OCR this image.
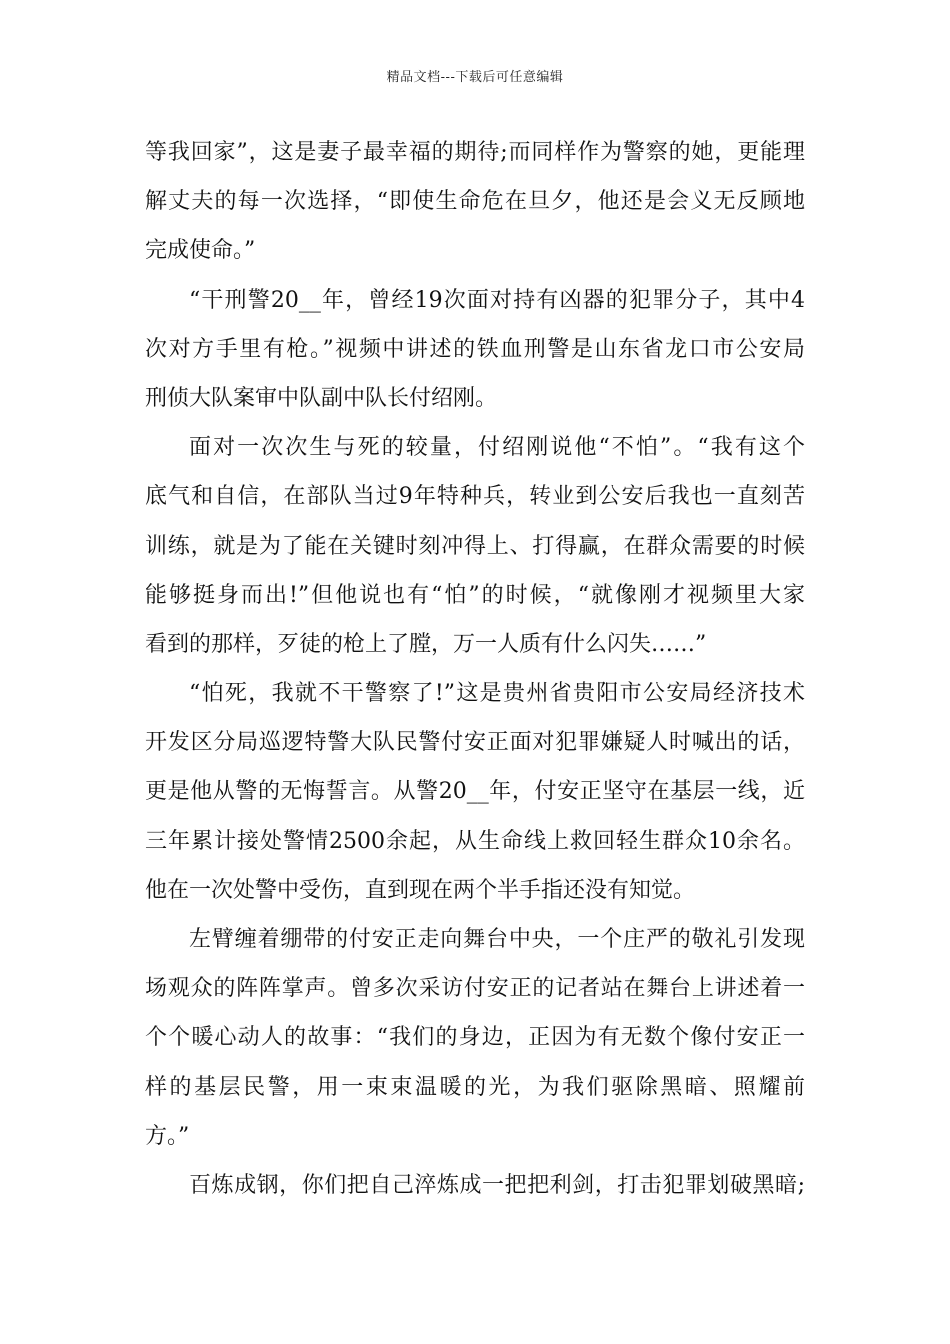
精品文档---下载后可任意编辑
等我回家”，这是妻子最幸福的期待;而同样作为警察的她，更能理
解丈夫的每一次选择，“即使生命危在旦夕，他还是会义无反顾地
完成使命。”
“干刑警20__年，曾经19次面对持有凶器的犯罪分子，其中4
次对方手里有枪。”视频中讲述的铁血刑警是山东省龙口市公安局
刑侦大队案审中队副中队长付绍刚。
面对一次次生与死的较量，付绍刚说他“不怕”。“我有这个
底气和自信，在部队当过9年特种兵，转业到公安后我也一直刻苦
训练，就是为了能在关键时刻冲得上、打得赢，在群众需要的时候
能够挺身而出!”但他说也有“怕”的时候，“就像刚才视频里大家
看到的那样，歹徒的枪上了膛，万一人质有什么闪失……”
“怕死，我就不干警察了!”这是贵州省贵阳市公安局经济技术
开发区分局巡逻特警大队民警付安正面对犯罪嫌疑人时喊出的话，
更是他从警的无悔誓言。从警20__年，付安正坚守在基层一线，近
三年累计接处警情2500余起，从生命线上救回轻生群众10余名。
他在一次处警中受伤，直到现在两个半手指还没有知觉。
左臂缠着绷带的付安正走向舞台中央，一个庄严的敬礼引发现
场观众的阵阵掌声。曾多次采访付安正的记者站在舞台上讲述着一
个个暖心动人的故事：“我们的身边，正因为有无数个像付安正一
样的基层民警，用一束束温暖的光，为我们驱除黑暗、照耀前
方。”
百炼成钢，你们把自己淬炼成一把把利剑，打击犯罪划破黑暗;
